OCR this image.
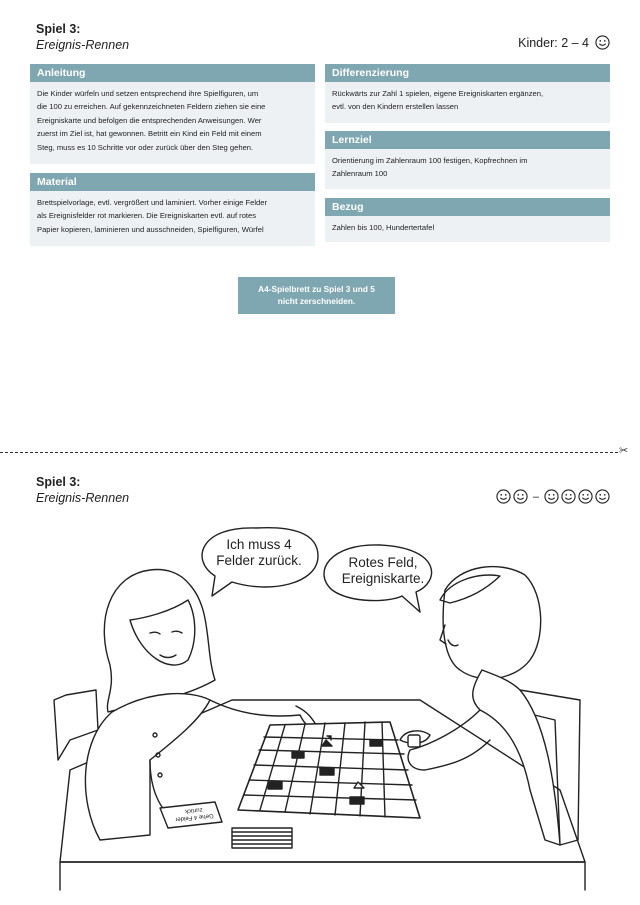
Spiel 3:
Ereignis-Rennen	Kinder: 2 – 4
Anleitung
Die Kinder würfeln und setzen entsprechend ihre Spielfiguren, um
die 100 zu erreichen. Auf gekennzeichneten Feldern ziehen sie eine
Ereigniskarte und befolgen die entsprechenden Anweisungen. Wer
zuerst im Ziel ist, hat gewonnen. Betritt ein Kind ein Feld mit einem
Steg, muss es 10 Schritte vor oder zurück über den Steg gehen.
Material
Brettspielvorlage, evtl. vergrößert und laminiert. Vorher einige Felder
als Ereignisfelder rot markieren. Die Ereigniskarten evtl. auf rotes
Papier kopieren, laminieren und ausschneiden, Spielfiguren, Würfel
Differenzierung
Rückwärts zur Zahl 1 spielen, eigene Ereigniskarten ergänzen,
evtl. von den Kindern erstellen lassen
Lernziel
Orientierung im Zahlenraum 100 festigen, Kopfrechnen im
Zahlenraum 100
Bezug
Zahlen bis 100, Hundertertafel
A4-Spielbrett zu Spiel 3 und 5
nicht zerschneiden.
✂
Spiel 3:
Ereignis-Rennen	–
Ich muss 4
Felder zurück.	Rotes Feld,
Ereigniskarte.
Gehe 4 Felder
zurück
